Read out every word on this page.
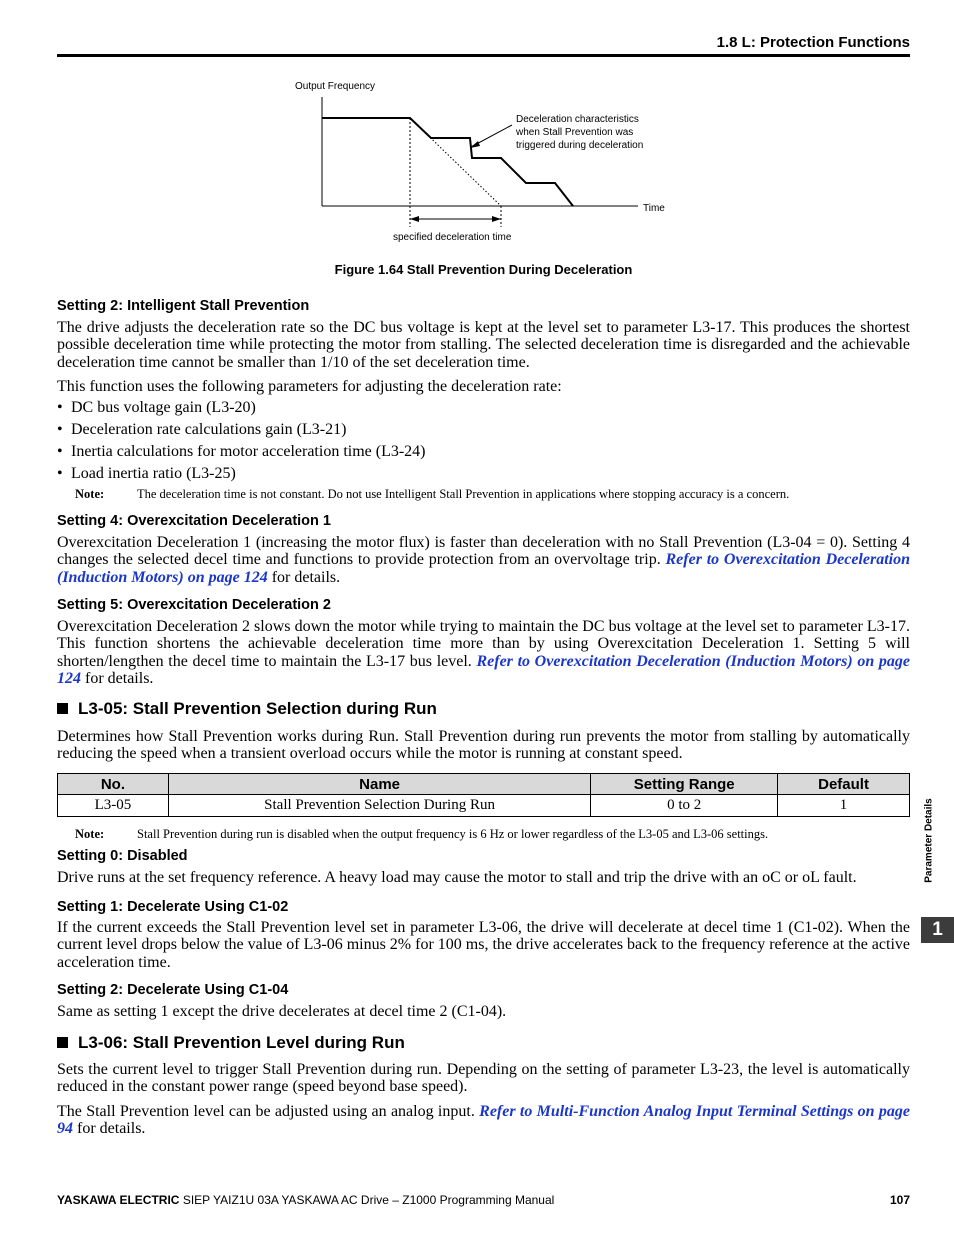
1.8 L: Protection Functions
Output Frequency
Time
specified deceleration time
Deceleration characteristics when Stall Prevention was triggered during deceleration
Figure 1.64 Stall Prevention During Deceleration
Setting 2: Intelligent Stall Prevention
The drive adjusts the deceleration rate so the DC bus voltage is kept at the level set to parameter L3-17. This produces the shortest possible deceleration time while protecting the motor from stalling. The selected deceleration time is disregarded and the achievable deceleration time cannot be smaller than 1/10 of the set deceleration time.
This function uses the following parameters for adjusting the deceleration rate:
• DC bus voltage gain (L3-20)
• Deceleration rate calculations gain (L3-21)
• Inertia calculations for motor acceleration time (L3-24)
• Load inertia ratio (L3-25)
Note:	The deceleration time is not constant. Do not use Intelligent Stall Prevention in applications where stopping accuracy is a concern.
Setting 4: Overexcitation Deceleration 1
Overexcitation Deceleration 1 (increasing the motor flux) is faster than deceleration with no Stall Prevention (L3-04 = 0). Setting 4 changes the selected decel time and functions to provide protection from an overvoltage trip. Refer to Overexcitation Deceleration (Induction Motors) on page 124 for details.
Setting 5: Overexcitation Deceleration 2
Overexcitation Deceleration 2 slows down the motor while trying to maintain the DC bus voltage at the level set to parameter L3-17. This function shortens the achievable deceleration time more than by using Overexcitation Deceleration 1. Setting 5 will shorten/lengthen the decel time to maintain the L3-17 bus level. Refer to Overexcitation Deceleration (Induction Motors) on page 124 for details.
L3-05: Stall Prevention Selection during Run
Determines how Stall Prevention works during Run. Stall Prevention during run prevents the motor from stalling by automatically reducing the speed when a transient overload occurs while the motor is running at constant speed.
No.	Name	Setting Range	Default
L3-05	Stall Prevention Selection During Run	0 to 2	1
Note:	Stall Prevention during run is disabled when the output frequency is 6 Hz or lower regardless of the L3-05 and L3-06 settings.
Setting 0: Disabled
Drive runs at the set frequency reference. A heavy load may cause the motor to stall and trip the drive with an oC or oL fault.
Setting 1: Decelerate Using C1-02
If the current exceeds the Stall Prevention level set in parameter L3-06, the drive will decelerate at decel time 1 (C1-02). When the current level drops below the value of L3-06 minus 2% for 100 ms, the drive accelerates back to the frequency reference at the active acceleration time.
Setting 2: Decelerate Using C1-04
Same as setting 1 except the drive decelerates at decel time 2 (C1-04).
L3-06: Stall Prevention Level during Run
Sets the current level to trigger Stall Prevention during run. Depending on the setting of parameter L3-23, the level is automatically reduced in the constant power range (speed beyond base speed).
The Stall Prevention level can be adjusted using an analog input. Refer to Multi-Function Analog Input Terminal Settings on page 94 for details.
Parameter Details
1
YASKAWA ELECTRIC SIEP YAIZ1U 03A YASKAWA AC Drive – Z1000 Programming Manual	107
